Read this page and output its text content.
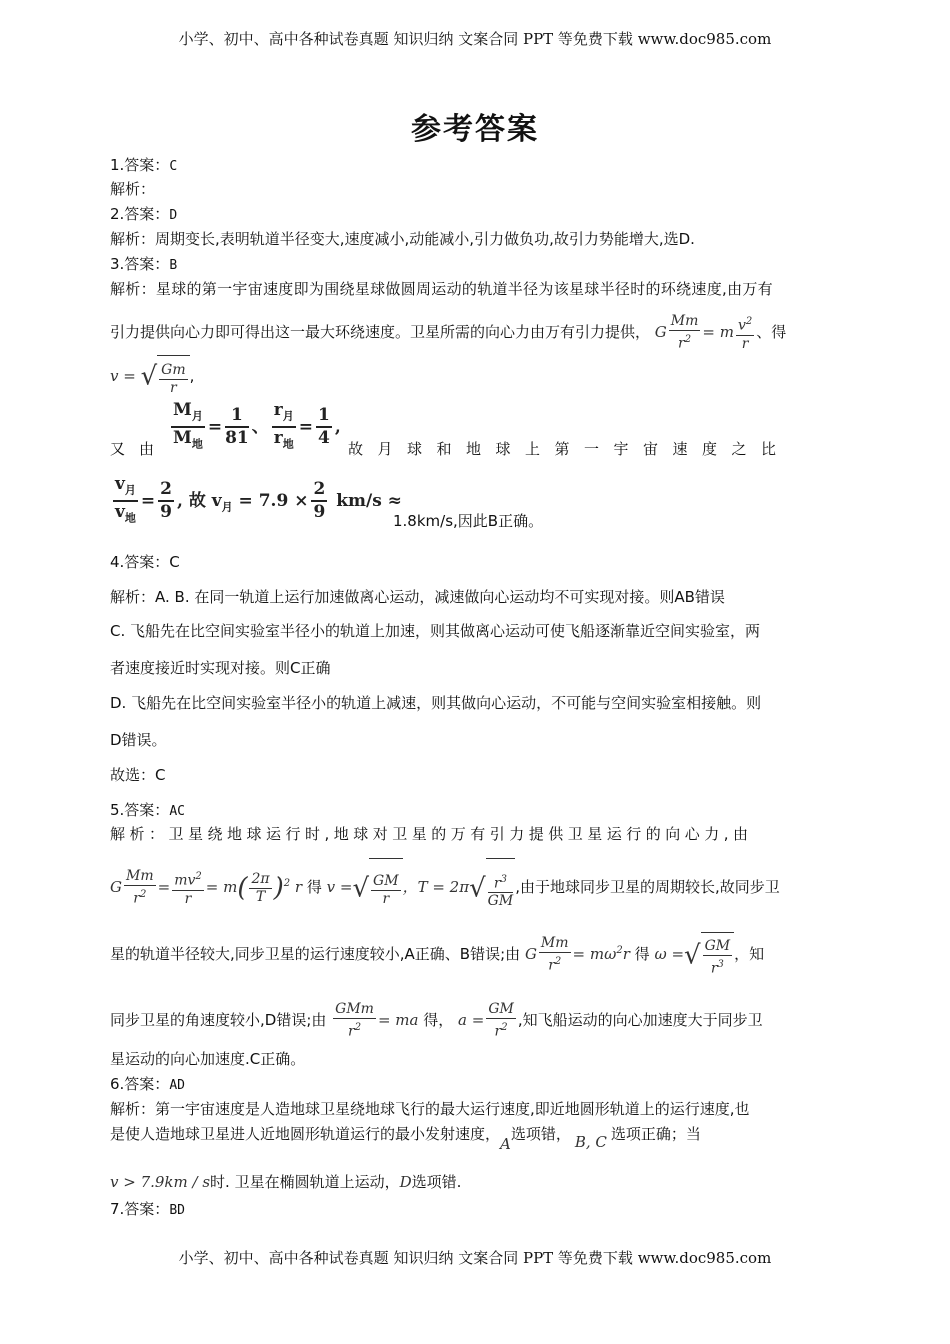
小学、初中、高中各种试卷真题 知识归纳 文案合同 PPT 等免费下载 www.doc985.com
参考答案
1.答案：C
解析：
2.答案：D
解析：周期变长,表明轨道半径变大,速度减小,动能减小,引力做负功,故引力势能增大,选D.
3.答案：B
解析：星球的第一宇宙速度即为围绕星球做圆周运动的轨道半径为该星球半径时的环绕速度,由万有
引力提供向心力即可得出这一最大环绕速度。卫星所需的向心力由万有引力提供， G $\frac{Mm}{r^2} = m \frac{v^2}{r}$ 、得
v = √ $\frac{Gm}{r}$ ,
$M_月$
$M_地$
= $\frac{1}{81}$ 、
$r_月$
$r_地$
= $\frac{1}{4}$ ,
又由	故月球和地球上第一宇宙速度之比
$v_月$
$v_地$
= $\frac{2}{9}$ , 故 $v_月 = 7.9 \times \frac{2}{9} km/s$ ≈
1.8km/s,因此B正确。
4.答案：C
解析：A. B. 在同一轨道上运行加速做离心运动，减速做向心运动均不可实现对接。则AB错误
C. 飞船先在比空间实验室半径小的轨道上加速，则其做离心运动可使飞船逐渐靠近空间实验室，两
者速度接近时实现对接。则C正确
D. 飞船先在比空间实验室半径小的轨道上减速，则其做向心运动，不可能与空间实验室相接触。则
D错误。
故选：C
5.答案：AC
解析：卫星绕地球运行时,地球对卫星的万有引力提供卫星运行的向心力,由
G $\frac{Mm}{r^2} = \frac{mv^2}{r} = m( \frac{2\pi}{T} )^2$ r 得 v =√ $\frac{GM}{r}$ ，$T = 2\pi√ \frac{r^3}{GM}$ ,由于地球同步卫星的周期较长,故同步卫
星的轨道半径较大,同步卫星的运行速度较小,A正确、B错误;由 G $\frac{Mm}{r^2} = m\omega^2r$ 得 ω =√ $\frac{GM}{r^3}$ ，知
同步卫星的角速度较小,D错误;由 $\frac{\text{GMm}}{r^2}$ = ma 得， $a = \frac{GM}{r^2}$ ,知飞船运动的向心加速度大于同步卫
星运动的向心加速度.C正确。
6.答案：AD
解析：第一宇宙速度是人造地球卫星绕地球飞行的最大运行速度,即近地圆形轨道上的运行速度,也
是使人造地球卫星进人近地圆形轨道运行的最小发射速度，A选项错， B, C 选项正确；当
v > 7.9km / s时. 卫星在椭圆轨道上运动，D选项错.
7.答案：BD
小学、初中、高中各种试卷真题 知识归纳 文案合同 PPT 等免费下载 www.doc985.com
